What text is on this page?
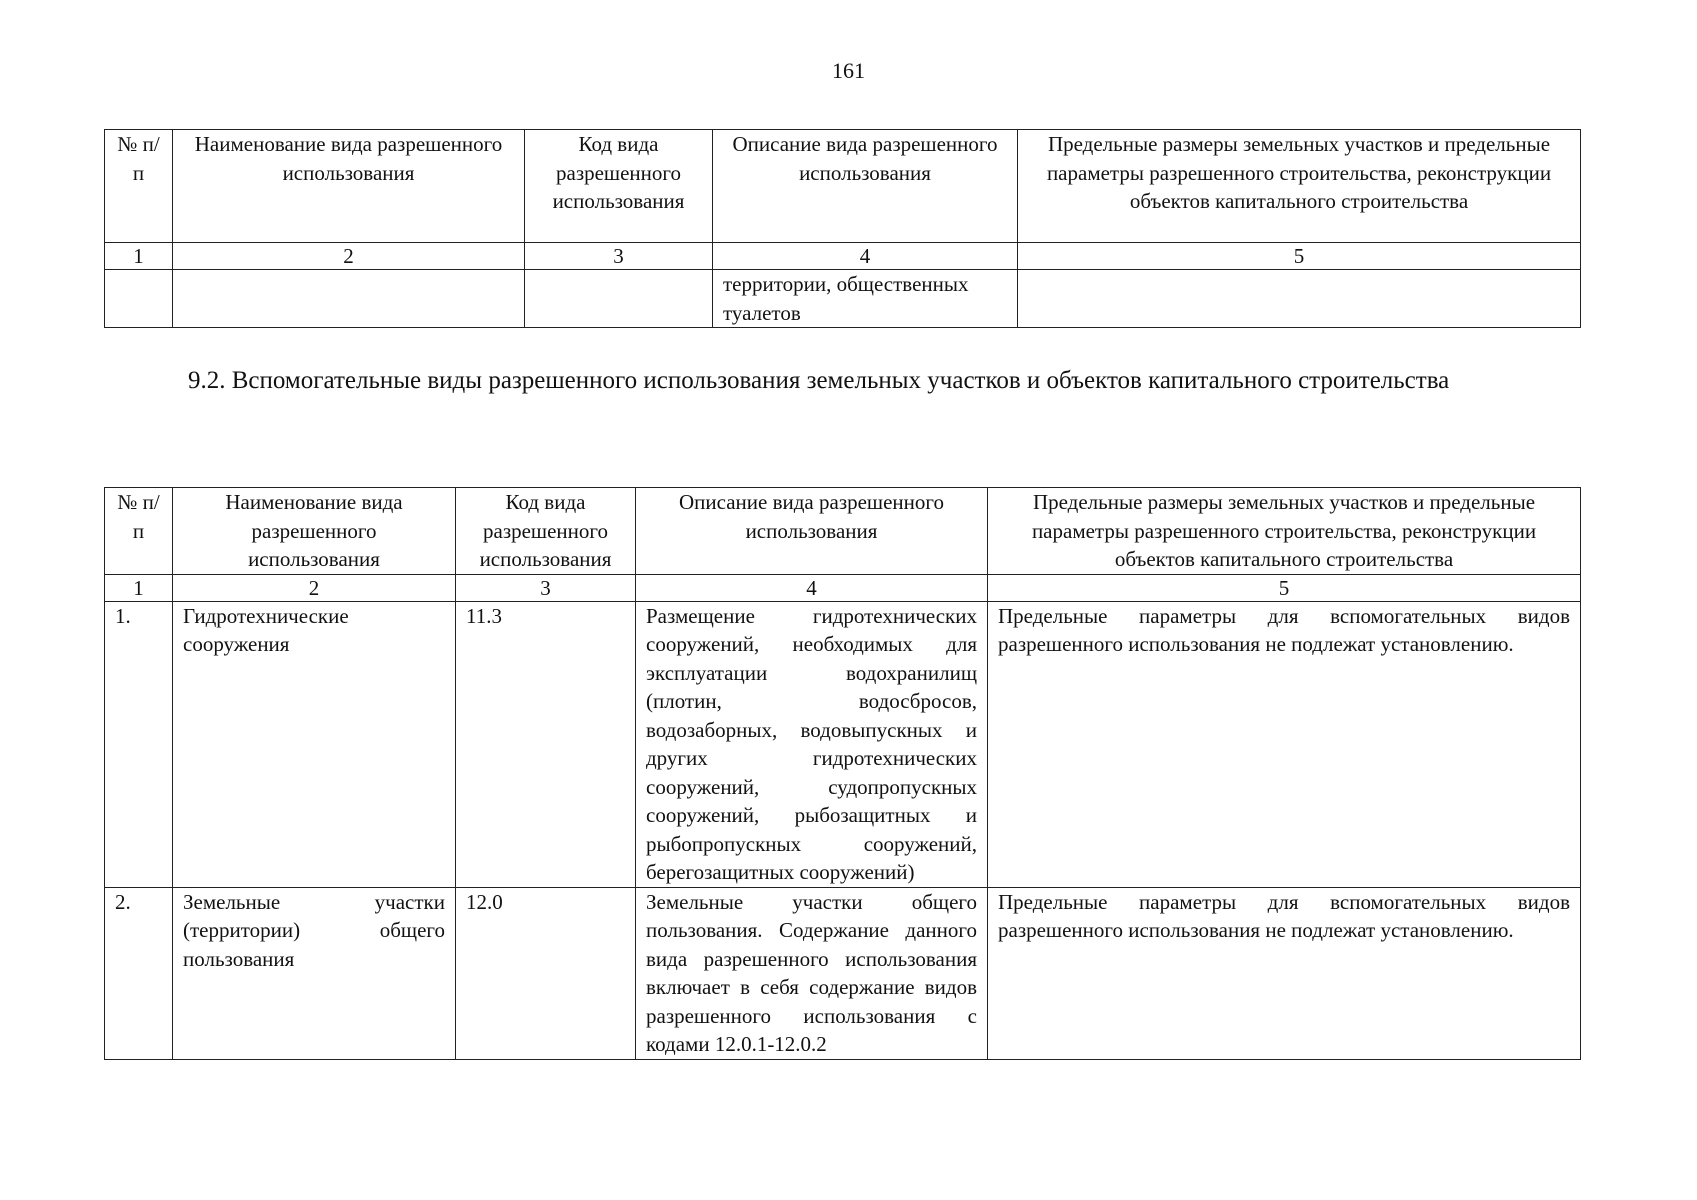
161
№ п/п	Наименование вида разрешенного использования	Код вида разрешенного использования	Описание вида разрешенного использования	Предельные размеры земельных участков и предельные параметры разрешенного строительства, реконструкции объектов капитального строительства
1	2	3	4	5
			территории, общественных туалетов	
9.2. Вспомогательные виды разрешенного использования земельных участков и объектов капитального строительства
№ п/п	Наименование вида разрешенного использования	Код вида разрешенного использования	Описание вида разрешенного использования	Предельные размеры земельных участков и предельные параметры разрешенного строительства, реконструкции объектов капитального строительства
1	2	3	4	5
1.	Гидротехнические сооружения	11.3	Размещение гидротехнических сооружений, необходимых для эксплуатации водохранилищ (плотин, водосбросов, водозаборных, водовыпускных и других гидротехнических сооружений, судопропускных сооружений, рыбозащитных и рыбопропускных сооружений, берегозащитных сооружений)	Предельные параметры для вспомогательных видов разрешенного использования не подлежат установлению.
2.	Земельные участки (территории) общего пользования	12.0	Земельные участки общего пользования. Содержание данного вида разрешенного использования включает в себя содержание видов разрешенного использования с кодами 12.0.1-12.0.2	Предельные параметры для вспомогательных видов разрешенного использования не подлежат установлению.
